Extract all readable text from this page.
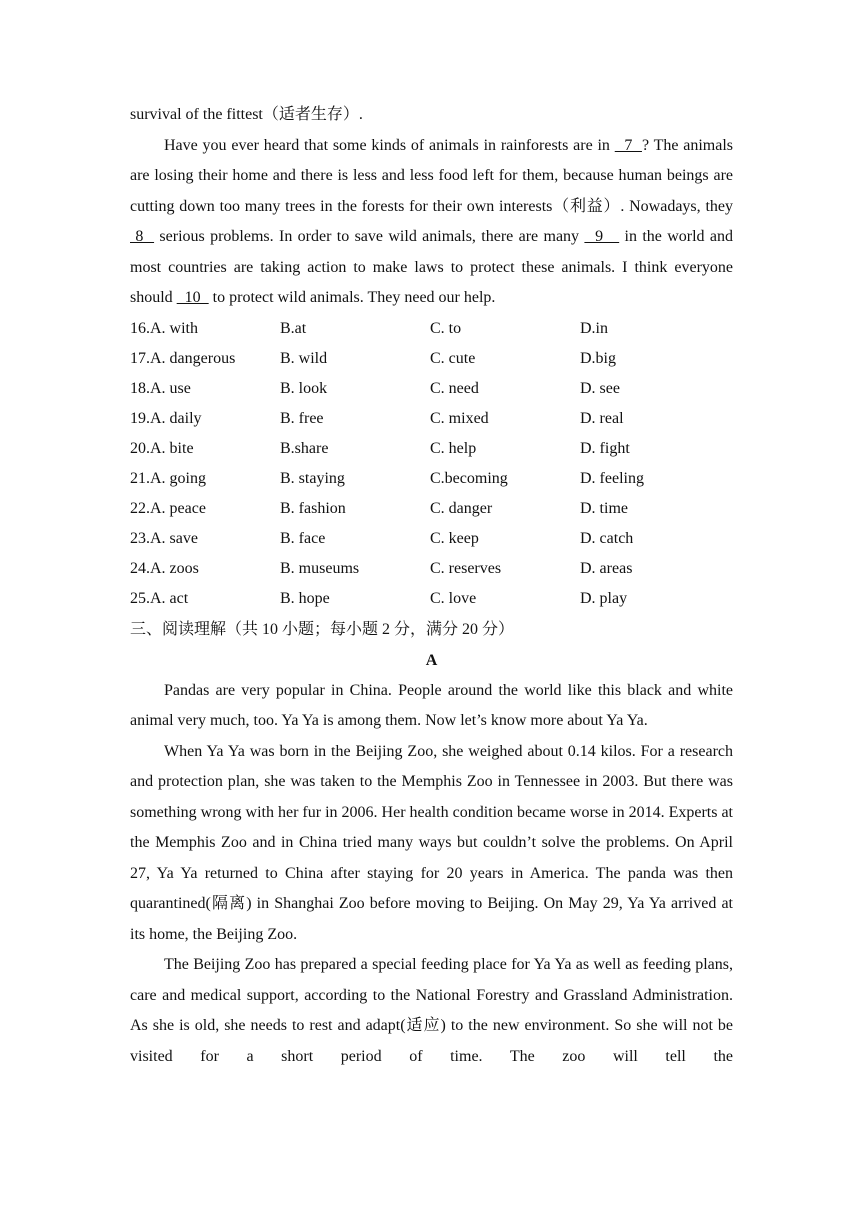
survival of the fittest（适者生存）.

Have you ever heard that some kinds of animals in rainforests are in   7  ? The animals are losing their home and there is less and less food left for them, because human beings are cutting down too many trees in the forests for their own interests（利益）. Nowadays, they  8   serious problems. In order to save wild animals, there are many   9    in the world and most countries are taking action to make laws to protect these animals. I think everyone should   10   to protect wild animals. They need our help.

16.A. with	B.at	C. to	D.in
17.A. dangerous	B. wild	C. cute	D.big
18.A. use	B. look	C. need	D. see
19.A. daily	B. free	C. mixed	D. real
20.A. bite	B.share	C. help	D. fight
21.A. going	B. staying	C.becoming	D. feeling
22.A. peace	B. fashion	C. danger	D. time
23.A. save	B. face	C. keep	D. catch
24.A. zoos	B. museums	C. reserves	D. areas
25.A. act	B. hope	C. love	D. play

三、阅读理解（共 10 小题；每小题 2 分，满分 20 分）

A

Pandas are very popular in China. People around the world like this black and white animal very much, too. Ya Ya is among them. Now let’s know more about Ya Ya.

When Ya Ya was born in the Beijing Zoo, she weighed about 0.14 kilos. For a research and protection plan, she was taken to the Memphis Zoo in Tennessee in 2003. But there was something wrong with her fur in 2006. Her health condition became worse in 2014. Experts at the Memphis Zoo and in China tried many ways but couldn’t solve the problems. On April 27, Ya Ya returned to China after staying for 20 years in America. The panda was then quarantined(隔离) in Shanghai Zoo before moving to Beijing. On May 29, Ya Ya arrived at its home, the Beijing Zoo.

The Beijing Zoo has prepared a special feeding place for Ya Ya as well as feeding plans, care and medical support, according to the National Forestry and Grassland Administration. As she is old, she needs to rest and adapt(适应) to the new environment. So she will not be visited for a short period of time. The zoo will tell the
